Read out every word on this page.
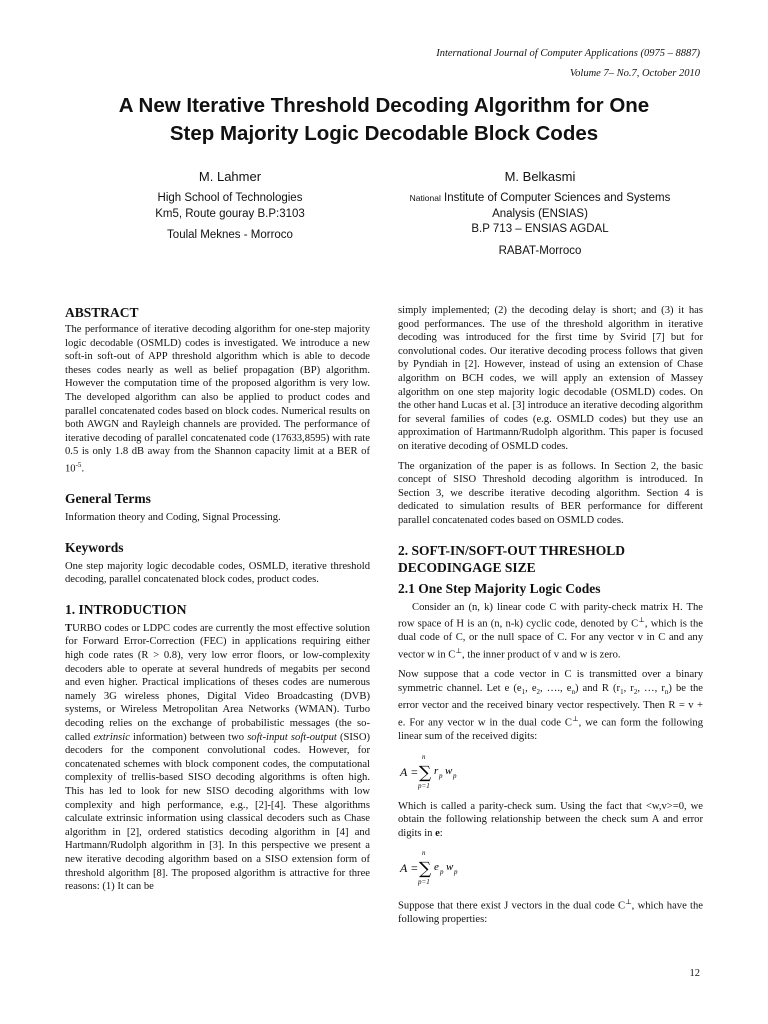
International Journal of Computer Applications (0975 – 8887)
Volume 7– No.7, October 2010
A New Iterative Threshold Decoding Algorithm for One
Step Majority Logic Decodable Block Codes
M. Lahmer
High School of Technologies
Km5, Route gouray B.P:3103
Toulal Meknes - Morroco
M. Belkasmi
National Institute of Computer Sciences and Systems
Analysis (ENSIAS)
B.P 713 – ENSIAS AGDAL
RABAT-Morroco
ABSTRACT

The performance of iterative decoding algorithm for one-step majority logic decodable (OSMLD) codes is investigated. We introduce a new soft-in soft-out of APP threshold algorithm which is able to decode theses codes nearly as well as belief propagation (BP) algorithm. However the computation time of the proposed algorithm is very low. The developed algorithm can also be applied to product codes and parallel concatenated codes based on block codes. Numerical results on both AWGN and Rayleigh channels are provided. The performance of iterative decoding of parallel concatenated code (17633,8595) with rate 0.5 is only 1.8 dB away from the Shannon capacity limit at a BER of $10^{-5}$.

General Terms

Information theory and Coding, Signal Processing.

Keywords

One step majority logic decodable codes, OSMLD, iterative threshold decoding, parallel concatenated block codes, product codes.

1. INTRODUCTION

TURBO codes or LDPC codes are currently the most effective solution for Forward Error-Correction (FEC) in applications requiring either high code rates (R > 0.8), very low error floors, or low-complexity decoders able to operate at several hundreds of megabits per second and even higher. Practical implications of theses codes are numerous namely 3G wireless phones, Digital Video Broadcasting (DVB) systems, or Wireless Metropolitan Area Networks (WMAN). Turbo decoding relies on the exchange of probabilistic messages (the so-called extrinsic information) between two soft-input soft-output (SISO) decoders for the component convolutional codes. However, for concatenated schemes with block component codes, the computational complexity of trellis-based SISO decoding algorithms is often high. This has led to look for new SISO decoding algorithms with low complexity and high performance, e.g., [2]-[4]. These algorithms calculate extrinsic information using classical decoders such as Chase algorithm in [2], ordered statistics decoding algorithm in [4] and Hartmann/Rudolph algorithm in [3]. In this perspective we present a new iterative decoding algorithm based on a SISO extension form of threshold algorithm [8]. The proposed algorithm is attractive for three reasons: (1) It can be

simply implemented; (2) the decoding delay is short; and (3) it has good performances. The use of the threshold algorithm in iterative decoding was introduced for the first time by Svirid [7] but for convolutional codes. Our iterative decoding process follows that given by Pyndiah in [2]. However, instead of using an extension of Chase algorithm on BCH codes, we will apply an extension of Massey algorithm on one step majority logic decodable (OSMLD) codes. On the other hand Lucas et al. [3] introduce an iterative decoding algorithm for several families of codes (e.g. OSMLD codes) but they use an approximation of Hartmann/Rudolph algorithm. This paper is focused on iterative decoding of OSMLD codes.

The organization of the paper is as follows. In Section 2, the basic concept of SISO Threshold decoding algorithm is introduced. In Section 3, we describe iterative decoding algorithm. Section 4 is dedicated to simulation results of BER performance for different parallel concatenated codes based on OSMLD codes.

2. SOFT-IN/SOFT-OUT THRESHOLD DECODINGAGE SIZE
2.1 One Step Majority Logic Codes

Consider an (n, k) linear code C with parity-check matrix H. The row space of H is an (n, n-k) cyclic code, denoted by C⊥, which is the dual code of C, or the null space of C. For any vector v in C and any vector w in C⊥, the inner product of v and w is zero.

Now suppose that a code vector in C is transmitted over a binary symmetric channel. Let e ($e_1$, $e_2$, …., $e_n$) and R ($r_1$, $r_2$, …, $r_n$) be the error vector and the received binary vector respectively. Then R = v + e. For any vector w in the dual code C⊥, we can form the following linear sum of the received digits:

A =
n
∑
p=1
r p w p

Which is called a parity-check sum. Using the fact that <w,v>=0, we obtain the following relationship between the check sum A and error digits in e:

A =
n
∑
p=1
e p w p

Suppose that there exist J vectors in the dual code C⊥, which have the following properties:

12
